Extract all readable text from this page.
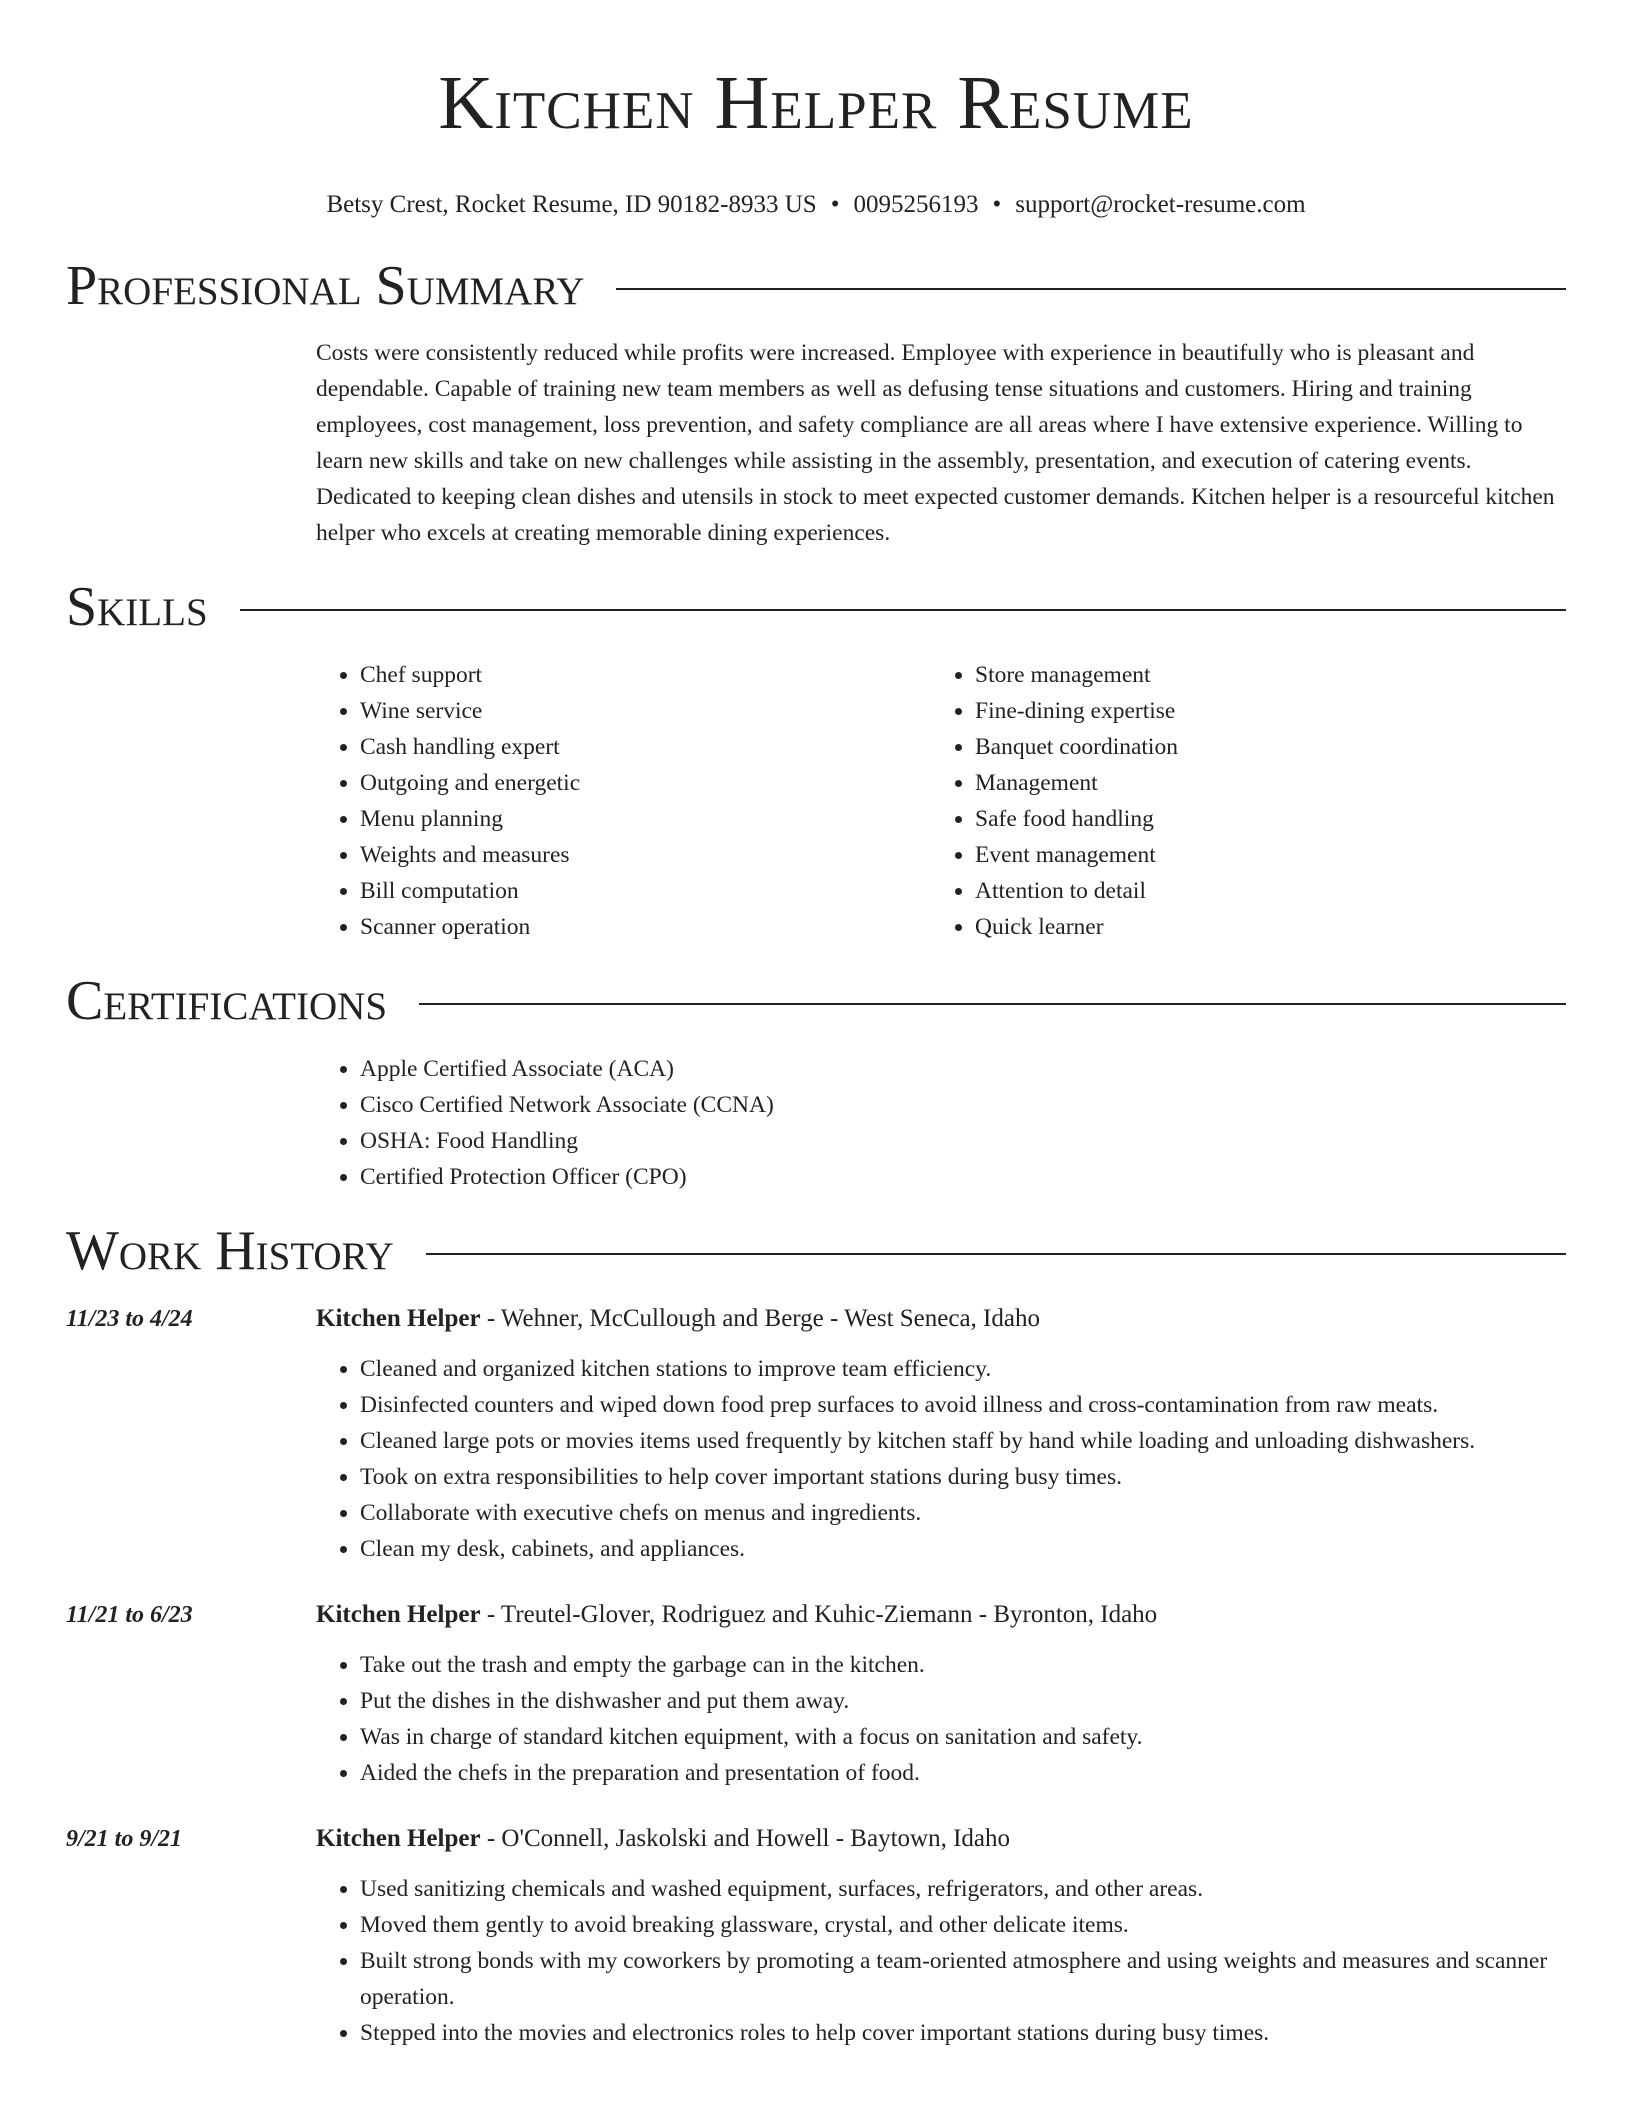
Kitchen Helper Resume
Betsy Crest, Rocket Resume, ID 90182-8933 US • 0095256193 • support@rocket-resume.com
Professional Summary

Costs were consistently reduced while profits were increased. Employee with experience in beautifully who is pleasant and dependable. Capable of training new team members as well as defusing tense situations and customers. Hiring and training employees, cost management, loss prevention, and safety compliance are all areas where I have extensive experience. Willing to learn new skills and take on new challenges while assisting in the assembly, presentation, and execution of catering events. Dedicated to keeping clean dishes and utensils in stock to meet expected customer demands. Kitchen helper is a resourceful kitchen helper who excels at creating memorable dining experiences.

Skills
• Chef support
• Wine service
• Cash handling expert
• Outgoing and energetic
• Menu planning
• Weights and measures
• Bill computation
• Scanner operation
• Store management
• Fine-dining expertise
• Banquet coordination
• Management
• Safe food handling
• Event management
• Attention to detail
• Quick learner
Certifications
• Apple Certified Associate (ACA)
• Cisco Certified Network Associate (CCNA)
• OSHA: Food Handling
• Certified Protection Officer (CPO)
Work History
11/23 to 4/24	Kitchen Helper - Wehner, McCullough and Berge - West Seneca, Idaho
• Cleaned and organized kitchen stations to improve team efficiency.
• Disinfected counters and wiped down food prep surfaces to avoid illness and cross-contamination from raw meats.
• Cleaned large pots or movies items used frequently by kitchen staff by hand while loading and unloading dishwashers.
• Took on extra responsibilities to help cover important stations during busy times.
• Collaborate with executive chefs on menus and ingredients.
• Clean my desk, cabinets, and appliances.
11/21 to 6/23	Kitchen Helper - Treutel-Glover, Rodriguez and Kuhic-Ziemann - Byronton, Idaho
• Take out the trash and empty the garbage can in the kitchen.
• Put the dishes in the dishwasher and put them away.
• Was in charge of standard kitchen equipment, with a focus on sanitation and safety.
• Aided the chefs in the preparation and presentation of food.
9/21 to 9/21	Kitchen Helper - O'Connell, Jaskolski and Howell - Baytown, Idaho
• Used sanitizing chemicals and washed equipment, surfaces, refrigerators, and other areas.
• Moved them gently to avoid breaking glassware, crystal, and other delicate items.
• Built strong bonds with my coworkers by promoting a team-oriented atmosphere and using weights and measures and scanner operation.
• Stepped into the movies and electronics roles to help cover important stations during busy times.
